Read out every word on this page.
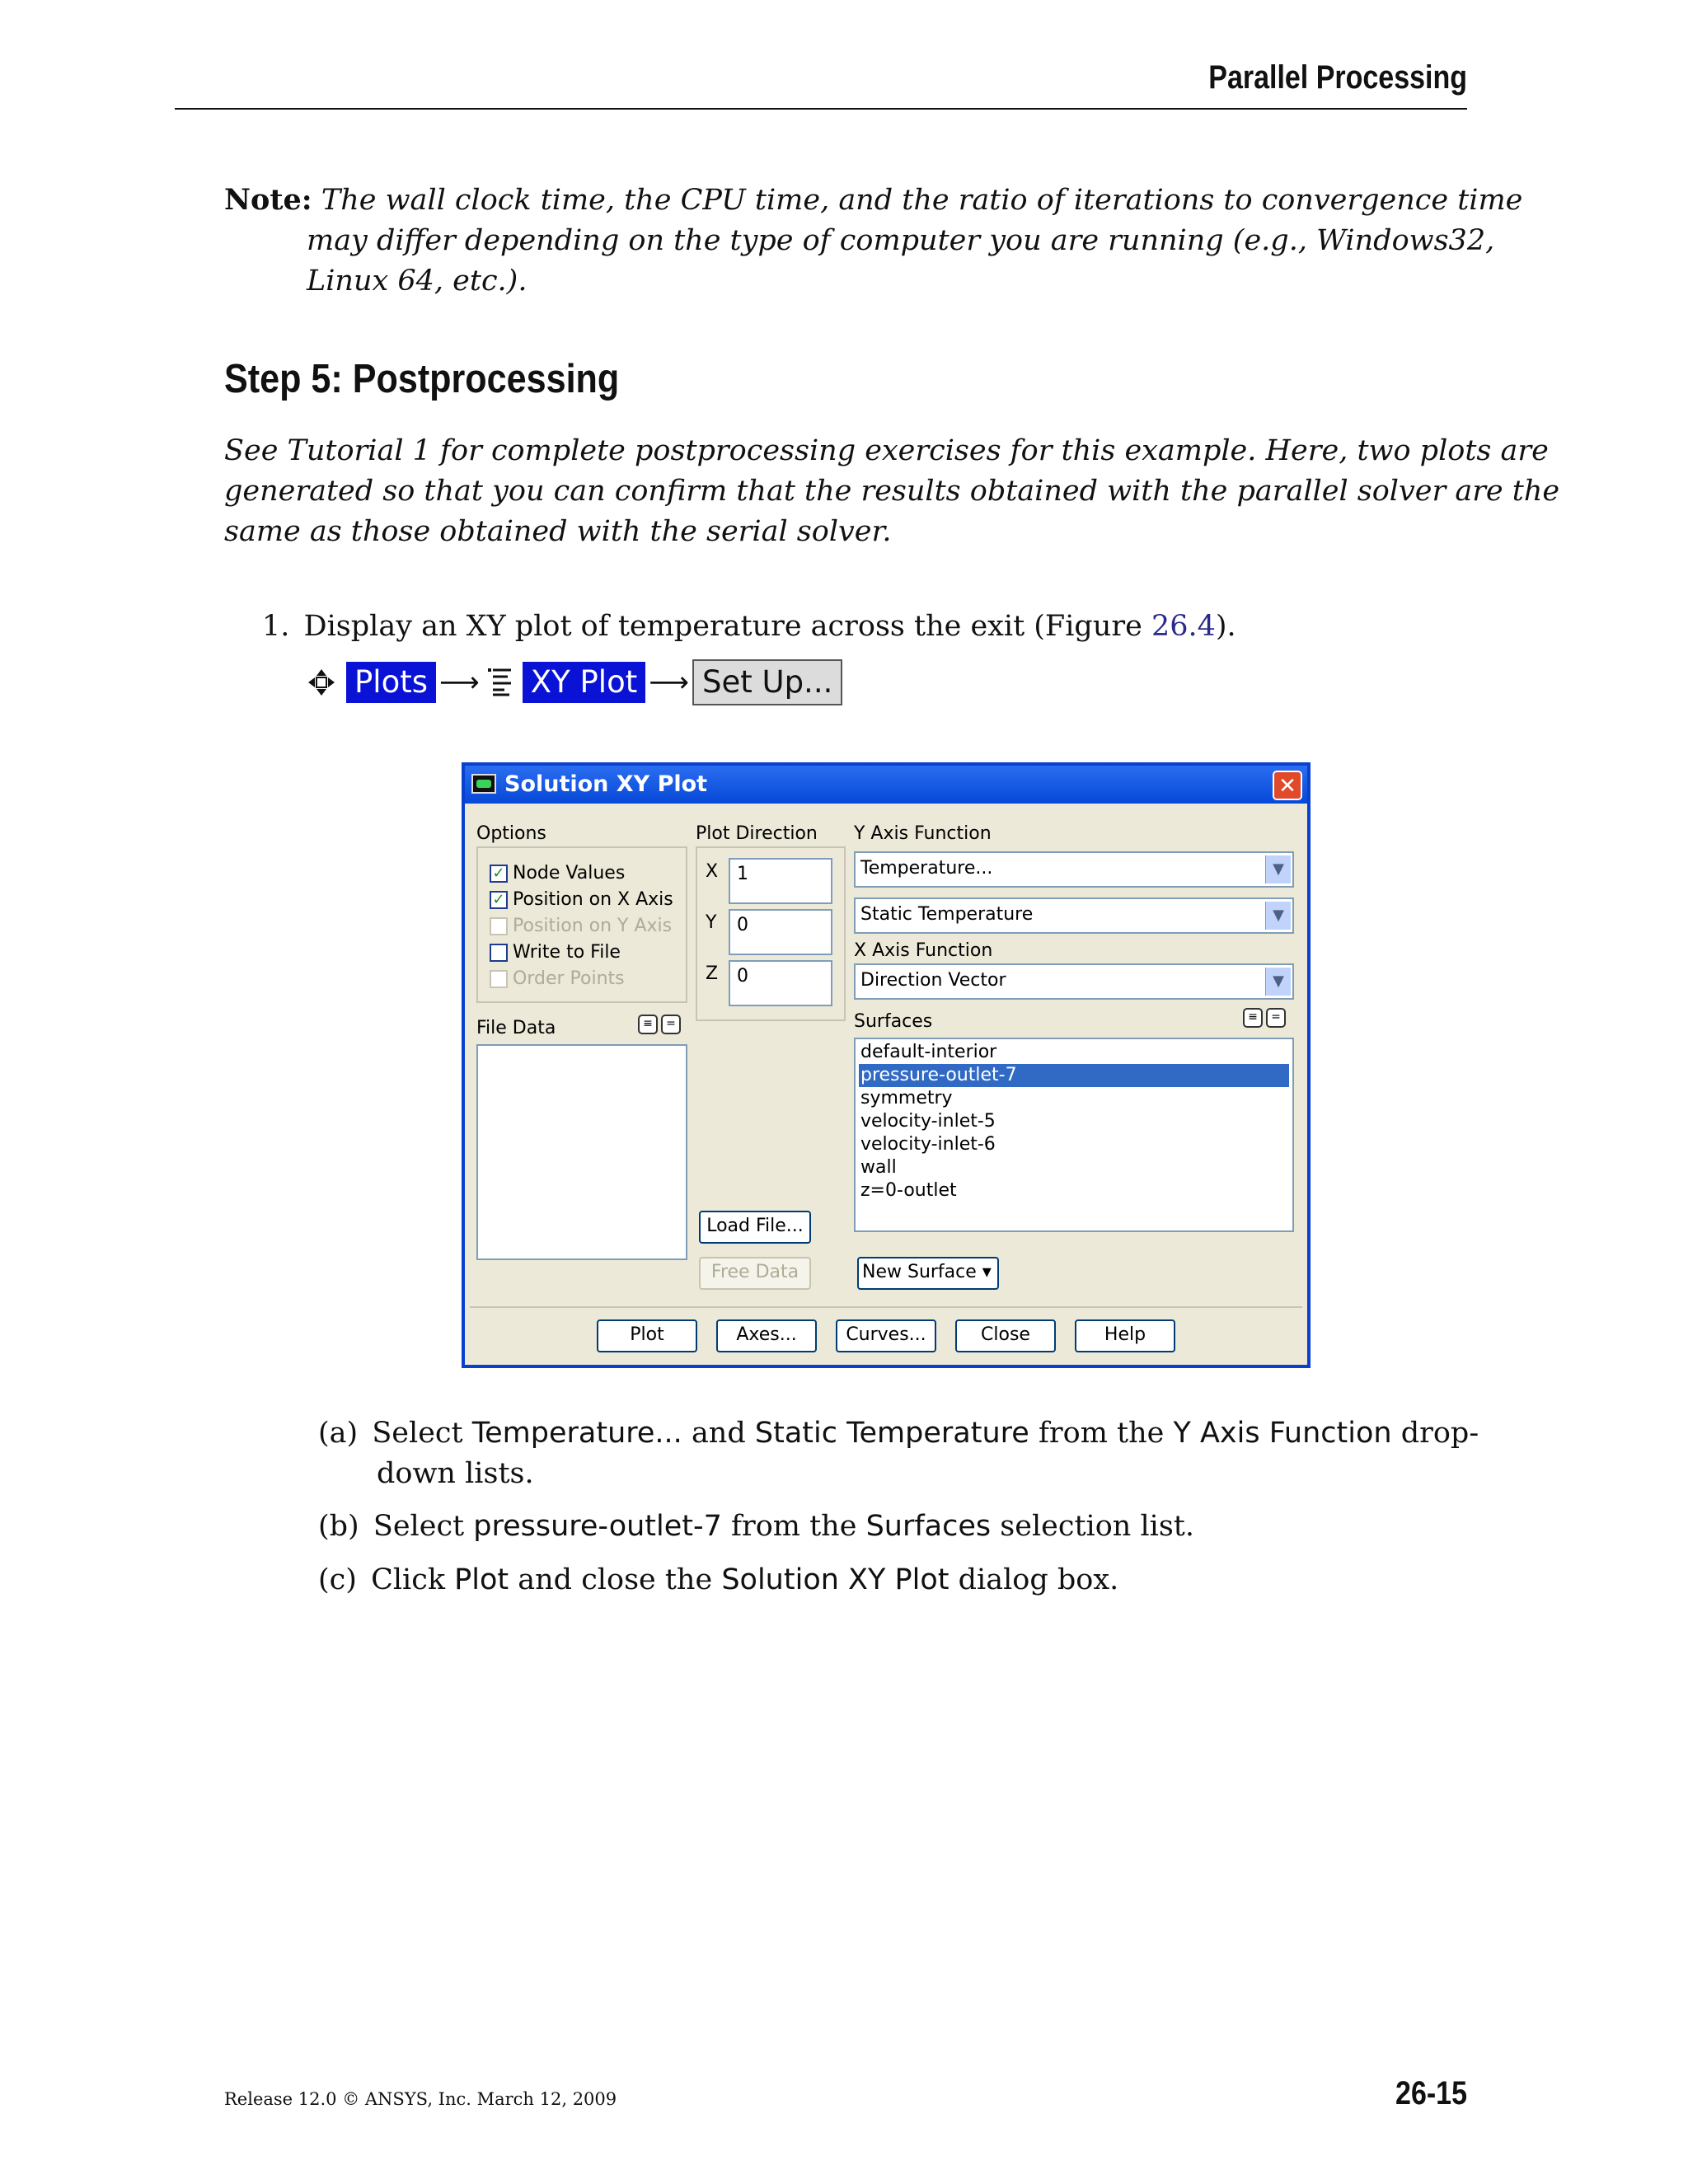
Parallel Processing
Note: The wall clock time, the CPU time, and the ratio of iterations to convergence time
may differ depending on the type of computer you are running (e.g., Windows32,
Linux 64, etc.).
Step 5: Postprocessing
See Tutorial 1 for complete postprocessing exercises for this example. Here, two plots are
generated so that you can confirm that the results obtained with the parallel solver are the
same as those obtained with the serial solver.
1. Display an XY plot of temperature across the exit (Figure 26.4).
Plots ⟶ XY Plot ⟶ Set Up...
Solution XY Plot	✕
Options
✓ Node Values
✓ Position on X Axis
Position on Y Axis
Write to File
Order Points
Plot Direction
X	1
Y	0
Z	0
Y Axis Function
Temperature...	▼
Static Temperature	▼
X Axis Function
Direction Vector	▼
File Data	≡	=	Surfaces	≡	=
default-interior
pressure-outlet-7
symmetry
velocity-inlet-5
velocity-inlet-6
wall
z=0-outlet
Load File...
Free Data	New Surface ▾
Plot	Axes...	Curves...	Close	Help
(a) Select Temperature... and Static Temperature from the Y Axis Function drop-
down lists.
(b) Select pressure-outlet-7 from the Surfaces selection list.
(c) Click Plot and close the Solution XY Plot dialog box.
Release 12.0 © ANSYS, Inc. March 12, 2009	26-15
